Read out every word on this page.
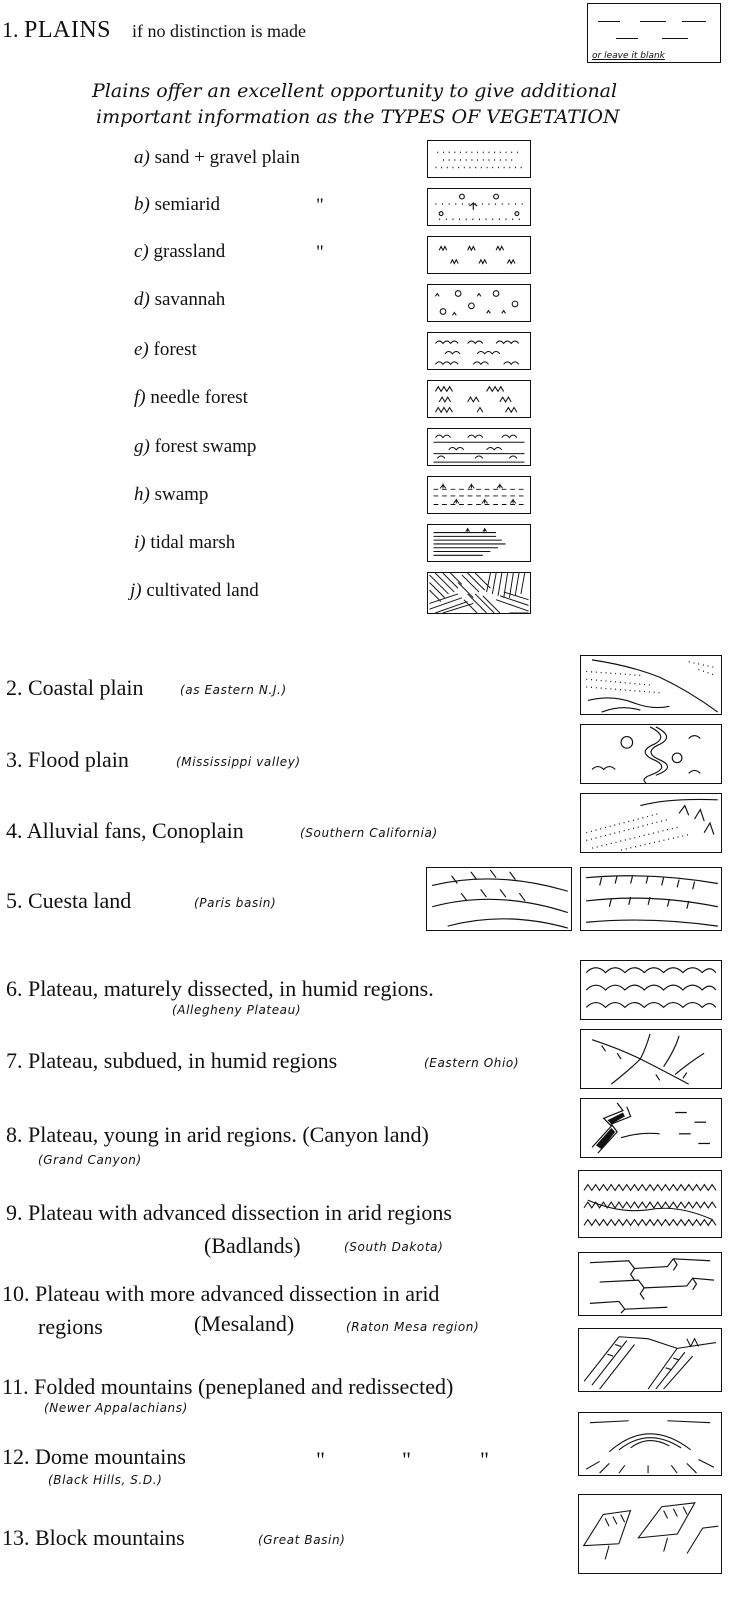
1. PLAINS if no distinction is made
or leave it blank
Plains offer an excellent opportunity to give additional
important information as the TYPES OF VEGETATION
a) sand + gravel plain
b) semiarid	"
c) grassland	"
d) savannah
e) forest
f) needle forest
g) forest swamp
h) swamp
i) tidal marsh
j) cultivated land
2. Coastal plain	(as Eastern N.J.)
3. Flood plain	(Mississippi valley)
4. Alluvial fans, Conoplain	(Southern California)
5. Cuesta land	(Paris basin)
6. Plateau, maturely dissected, in humid regions.
(Allegheny Plateau)
7. Plateau, subdued, in humid regions	(Eastern Ohio)
8. Plateau, young in arid regions. (Canyon land)
(Grand Canyon)
9. Plateau with advanced dissection in arid regions
(Badlands)	(South Dakota)
10. Plateau with more advanced dissection in arid
regions	(Mesaland)	(Raton Mesa region)
11. Folded mountains (peneplaned and redissected)
(Newer Appalachians)
12. Dome mountains	"	"	"
(Black Hills, S.D.)
13. Block mountains	(Great Basin)
